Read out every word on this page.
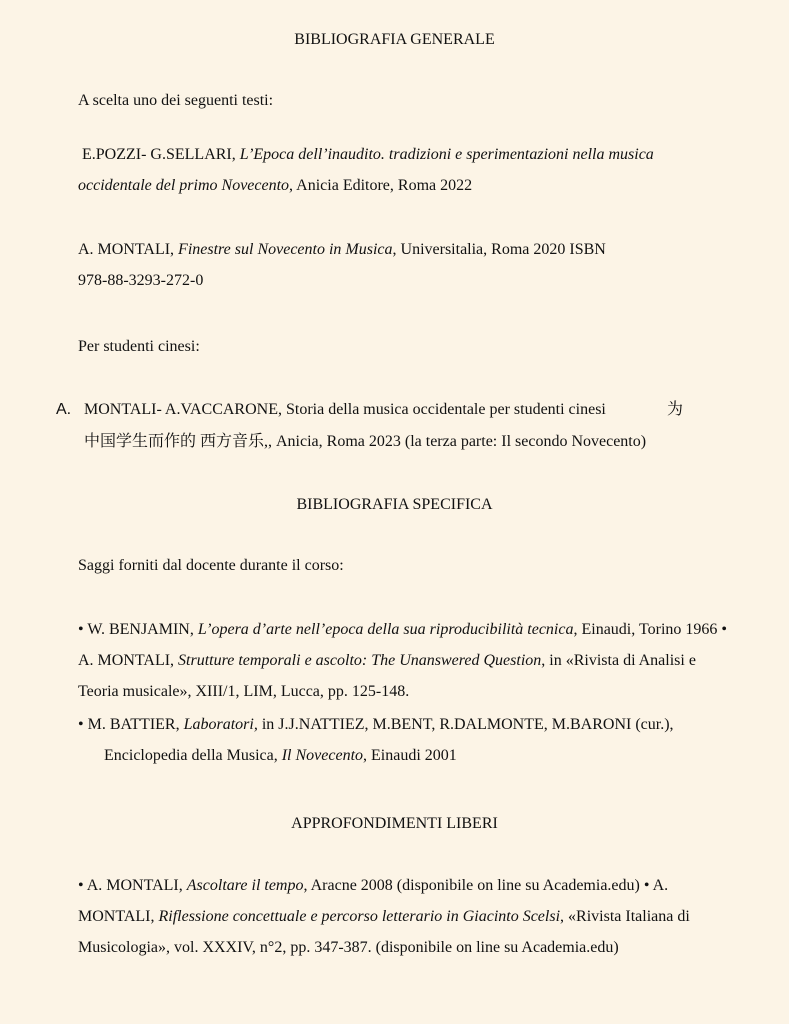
BIBLIOGRAFIA GENERALE
A scelta uno dei seguenti testi:
E.POZZI- G.SELLARI, L’Epoca dell’inaudito. tradizioni e sperimentazioni nella musica
occidentale del primo Novecento, Anicia Editore, Roma 2022
A. MONTALI, Finestre sul Novecento in Musica, Universitalia, Roma 2020 ISBN
978-88-3293-272-0
Per studenti cinesi:
A. MONTALI- A.VACCARONE, Storia della musica occidentale per studenti cinesi	为
中国学生而作的 西方音乐,, Anicia, Roma 2023 (la terza parte: Il secondo Novecento)
BIBLIOGRAFIA SPECIFICA
Saggi forniti dal docente durante il corso:
• W. BENJAMIN, L’opera d’arte nell’epoca della sua riproducibilità tecnica, Einaudi, Torino 1966 •
A. MONTALI, Strutture temporali e ascolto: The Unanswered Question, in «Rivista di Analisi e
Teoria musicale», XIII/1, LIM, Lucca, pp. 125-148.
• M. BATTIER, Laboratori, in J.J.NATTIEZ, M.BENT, R.DALMONTE, M.BARONI (cur.),
Enciclopedia della Musica, Il Novecento, Einaudi 2001
APPROFONDIMENTI LIBERI
• A. MONTALI, Ascoltare il tempo, Aracne 2008 (disponibile on line su Academia.edu) • A.
MONTALI, Riflessione concettuale e percorso letterario in Giacinto Scelsi, «Rivista Italiana di
Musicologia», vol. XXXIV, n°2, pp. 347-387. (disponibile on line su Academia.edu)
